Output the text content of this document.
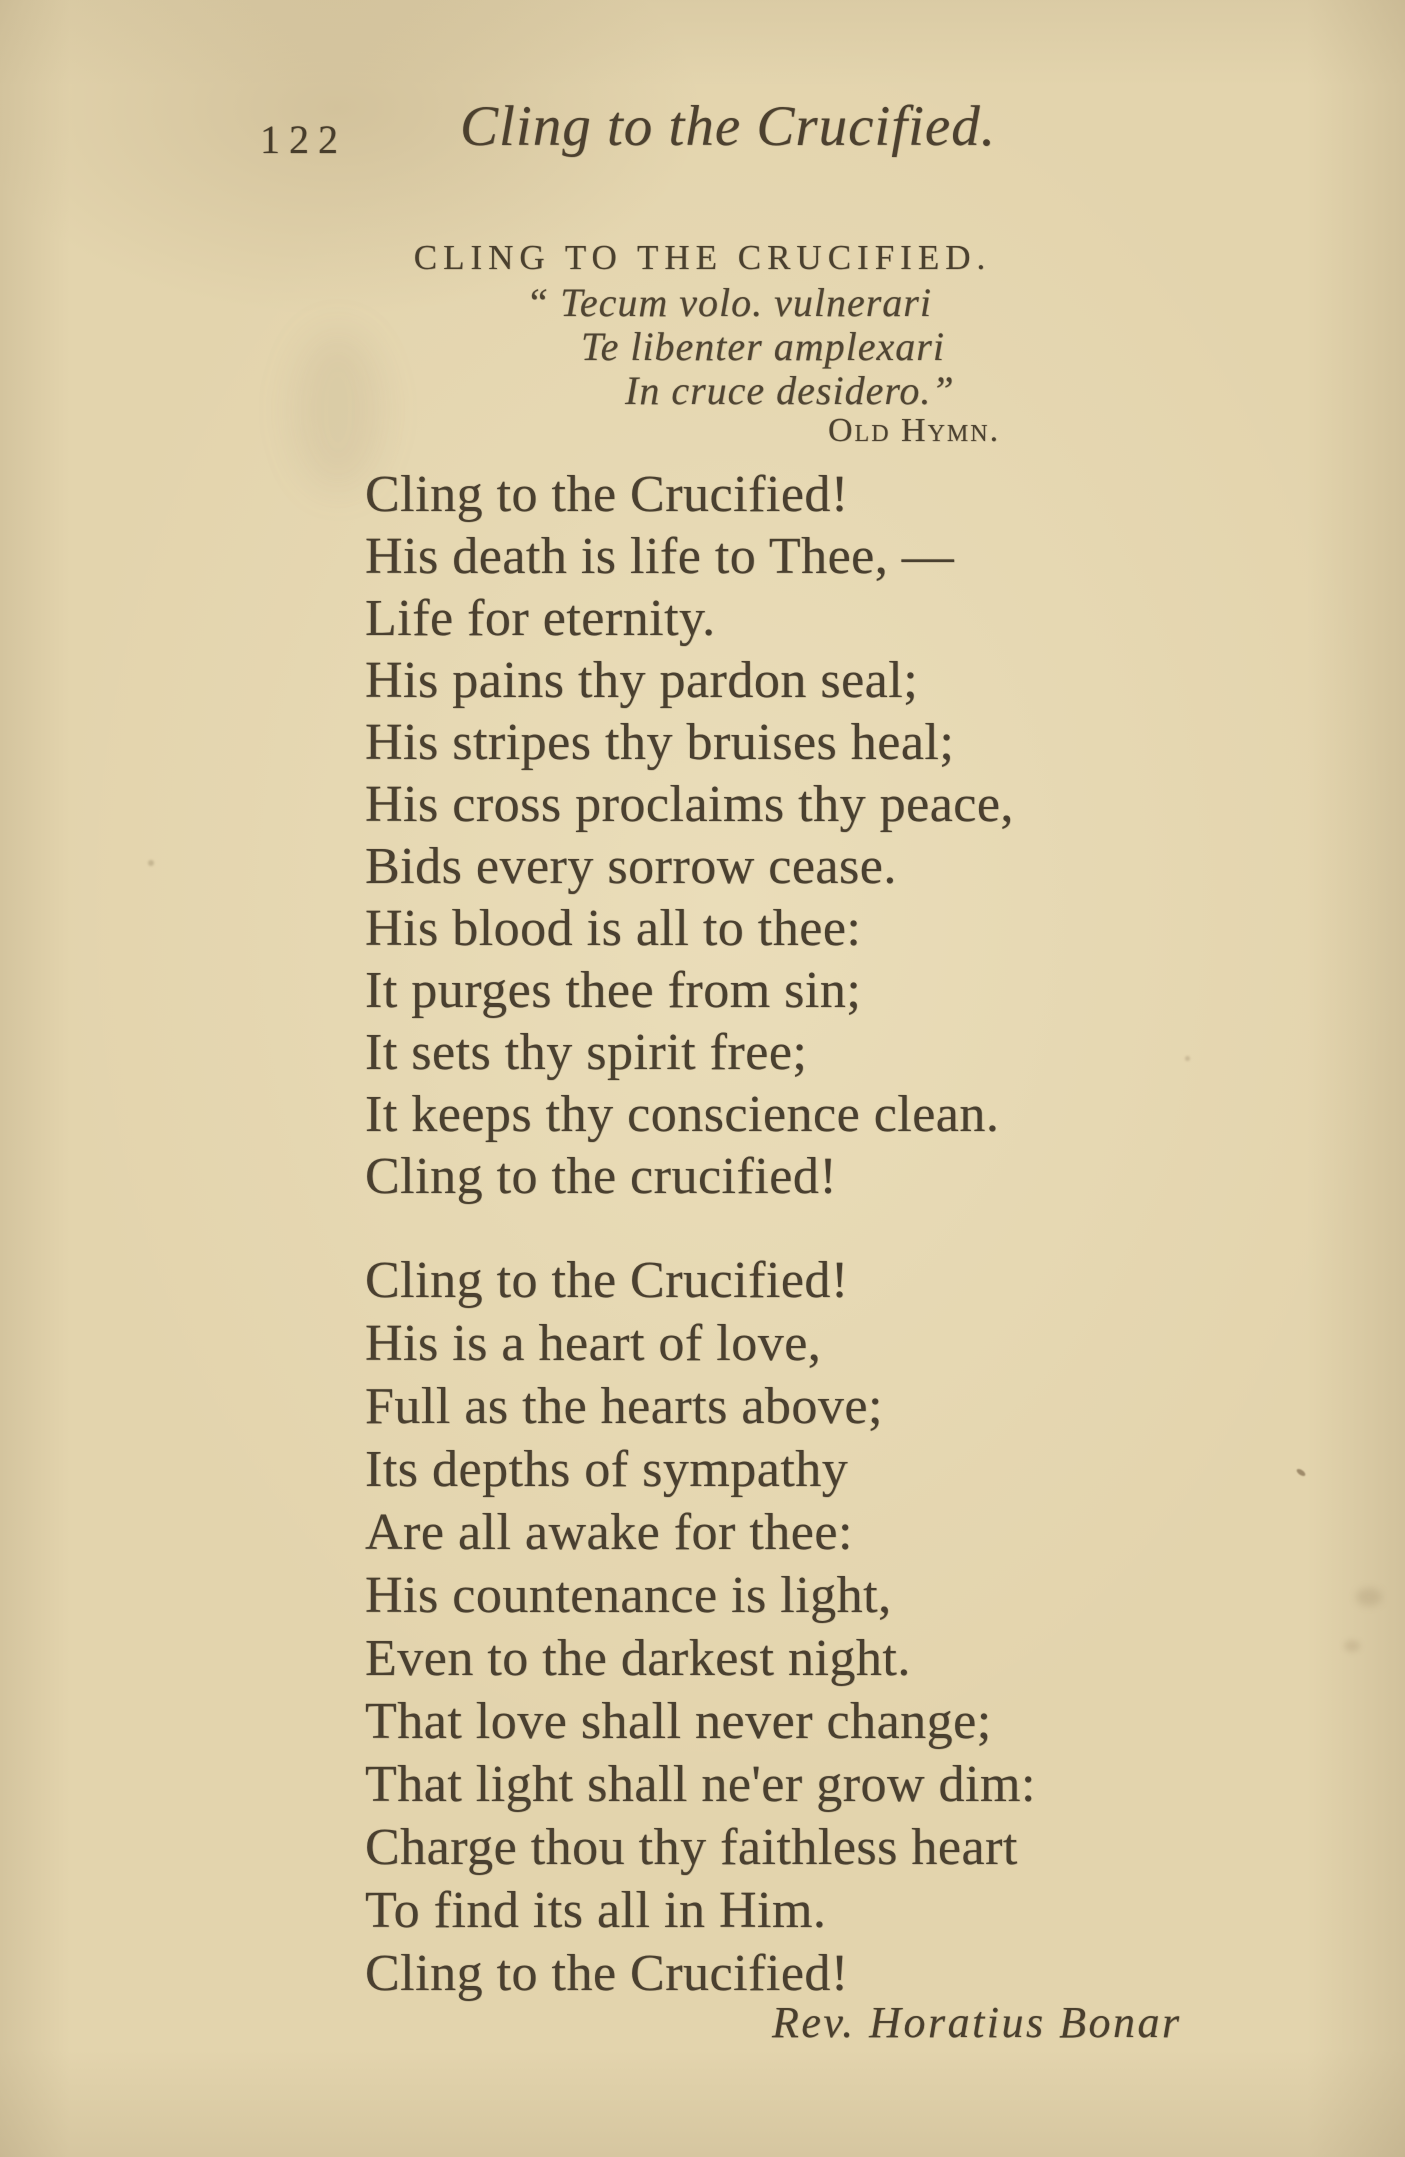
122 Cling to the Crucified.
CLING TO THE CRUCIFIED.
“ Tecum volo. vulnerari
Te libenter amplexari
In cruce desidero.”
Old Hymn.
Cling to the Crucified!
His death is life to Thee, —
Life for eternity.
His pains thy pardon seal;
His stripes thy bruises heal;
His cross proclaims thy peace,
Bids every sorrow cease.
His blood is all to thee:
It purges thee from sin;
It sets thy spirit free;
It keeps thy conscience clean.
Cling to the crucified!
Cling to the Crucified!
His is a heart of love,
Full as the hearts above;
Its depths of sympathy
Are all awake for thee:
His countenance is light,
Even to the darkest night.
That love shall never change;
That light shall ne'er grow dim:
Charge thou thy faithless heart
To find its all in Him.
Cling to the Crucified!
Rev. Horatius Bonar
